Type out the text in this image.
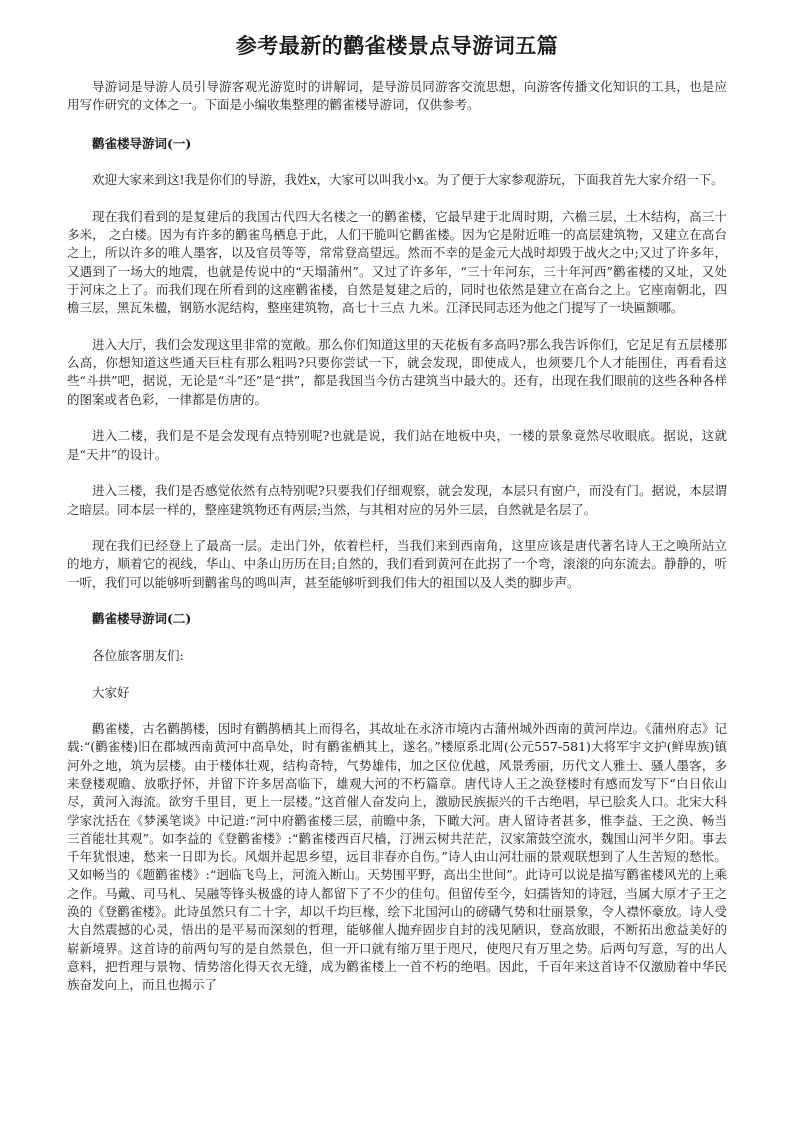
参考最新的鹳雀楼景点导游词五篇

导游词是导游人员引导游客观光游览时的讲解词，是导游员同游客交流思想，向游客传播文化知识的工具，也是应用写作研究的文体之一。下面是小编收集整理的鹳雀楼导游词，仅供参考。

鹳雀楼导游词(一)

欢迎大家来到这!我是你们的导游，我姓x，大家可以叫我小x。为了便于大家参观游玩，下面我首先大家介绍一下。

现在我们看到的是复建后的我国古代四大名楼之一的鹳雀楼，它最早建于北周时期，六檐三层，土木结构，高三十多米， 之白楼。因为有许多的鹳雀鸟栖息于此，人们干脆叫它鹳雀楼。因为它是附近唯一的高层建筑物，又建立在高台之上，所以许多的唯人墨客，以及官员等等，常常登高望远。然而不幸的是金元大战时却毁于战火之中;又过了许多年，又遇到了一场大的地震，也就是传说中的“天塌蒲州”。又过了许多年，“三十年河东，三十年河西”鹳雀楼的又址，又处于河床之上了。而我们现在所看到的这座鹳雀楼，自然是复建之后的，同时也依然是建立在高台之上。它座南朝北，四檐三层，黑瓦朱楹，钢筋水泥结构，整座建筑物，高七十三点 九米。江泽民同志还为他之门提写了一块匾额哪。

进入大厅，我们会发现这里非常的宽敞。那么你们知道这里的天花板有多高吗?那么我告诉你们，它足足有五层楼那么高，你想知道这些通天巨柱有那么粗吗?只要你尝试一下，就会发现，即使成人，也须要几个人才能围住，再看看这些“斗拱”吧，据说，无论是“斗”还”是“拱”，都是我国当今仿古建筑当中最大的。还有，出现在我们眼前的这些各种各样的图案或者色彩，一律都是仿唐的。

进入二楼，我们是不是会发现有点特别呢?也就是说，我们站在地板中央，一楼的景象竟然尽收眼底。据说，这就是“天井”的设计。

进入三楼，我们是否感觉依然有点特别呢?只要我们仔细观察，就会发现，本层只有窗户，而没有门。据说，本层谓之暗层。同本层一样的，整座建筑物还有两层;当然，与其相对应的另外三层，自然就是名层了。

现在我们已经登上了最高一层。走出门外，依着栏杆，当我们来到西南角，这里应该是唐代著名诗人王之唤所站立的地方，顺着它的视线，华山、中条山历历在目;自然的，我们看到黄河在此拐了一个弯，滚滚的向东流去。静静的，听一听，我们可以能够听到鹳雀鸟的鸣叫声，甚至能够听到我们伟大的祖国以及人类的脚步声。

鹳雀楼导游词(二)

各位旅客朋友们:

大家好

鹳雀楼，古名鹳鹊楼，因时有鹳鹊栖其上而得名，其故址在永济市境内古蒲州城外西南的黄河岸边。《蒲州府志》记载:“(鹳雀楼)旧在郡城西南黄河中高阜处，时有鹳雀栖其上，遂名。”楼原系北周(公元557-581)大将军宇文护(鲜卑族)镇河外之地，筑为层楼。由于楼体壮观，结构奇特，气势雄伟，加之区位优越，风景秀丽，历代文人雅士、骚人墨客，多来登楼观瞻、放歌抒怀，并留下许多居高临下，雄观大河的不朽篇章。唐代诗人王之涣登楼时有感而发写下“白日依山尽，黄河入海流。欲穷千里目，更上一层楼。”这首催人奋发向上，激励民族振兴的千古绝唱，早已脍炙人口。北宋大科学家沈括在《梦溪笔谈》中记道:“河中府鹳雀楼三层，前瞻中条，下瞰大河。唐人留诗者甚多，惟李益、王之涣、畅当三首能壮其观”。如李益的《登鹳雀楼》:“鹳雀楼西百尺樯，汀洲云树共茫茫，汉家箫鼓空流水，魏国山河半夕阳。事去千年犹恨速，愁来一日即为长。风烟并起思乡望，远目非春亦自伤。”诗人由山河壮丽的景观联想到了人生苦短的愁怅。又如畅当的《题鹳雀楼》:“迥临飞鸟上，河流入断山。天势围平野，高出尘世间”。此诗可以说是描写鹳雀楼风光的上乘之作。马戴、司马札、吴融等锋头极盛的诗人都留下了不少的佳句。但留传至今，妇孺皆知的诗冠，当属大原才子王之涣的《登鹳雀楼》。此诗虽然只有二十字，却以千均巨椽，绘下北国河山的磅礴气势和壮丽景象，令人襟怀豪放。诗人受大自然震撼的心灵，悟出的是平易而深刻的哲理，能够催人抛弃固步自封的浅见陋识，登高放眼，不断拓出愈益美好的崭新境界。这首诗的前两句写的是自然景色，但一开口就有缩万里于咫尺，使咫尺有万里之势。后两句写意，写的出人意料，把哲理与景物、情势溶化得天衣无缝，成为鹳雀楼上一首不朽的绝唱。因此，千百年来这首诗不仅激励着中华民族奋发向上，而且也揭示了
